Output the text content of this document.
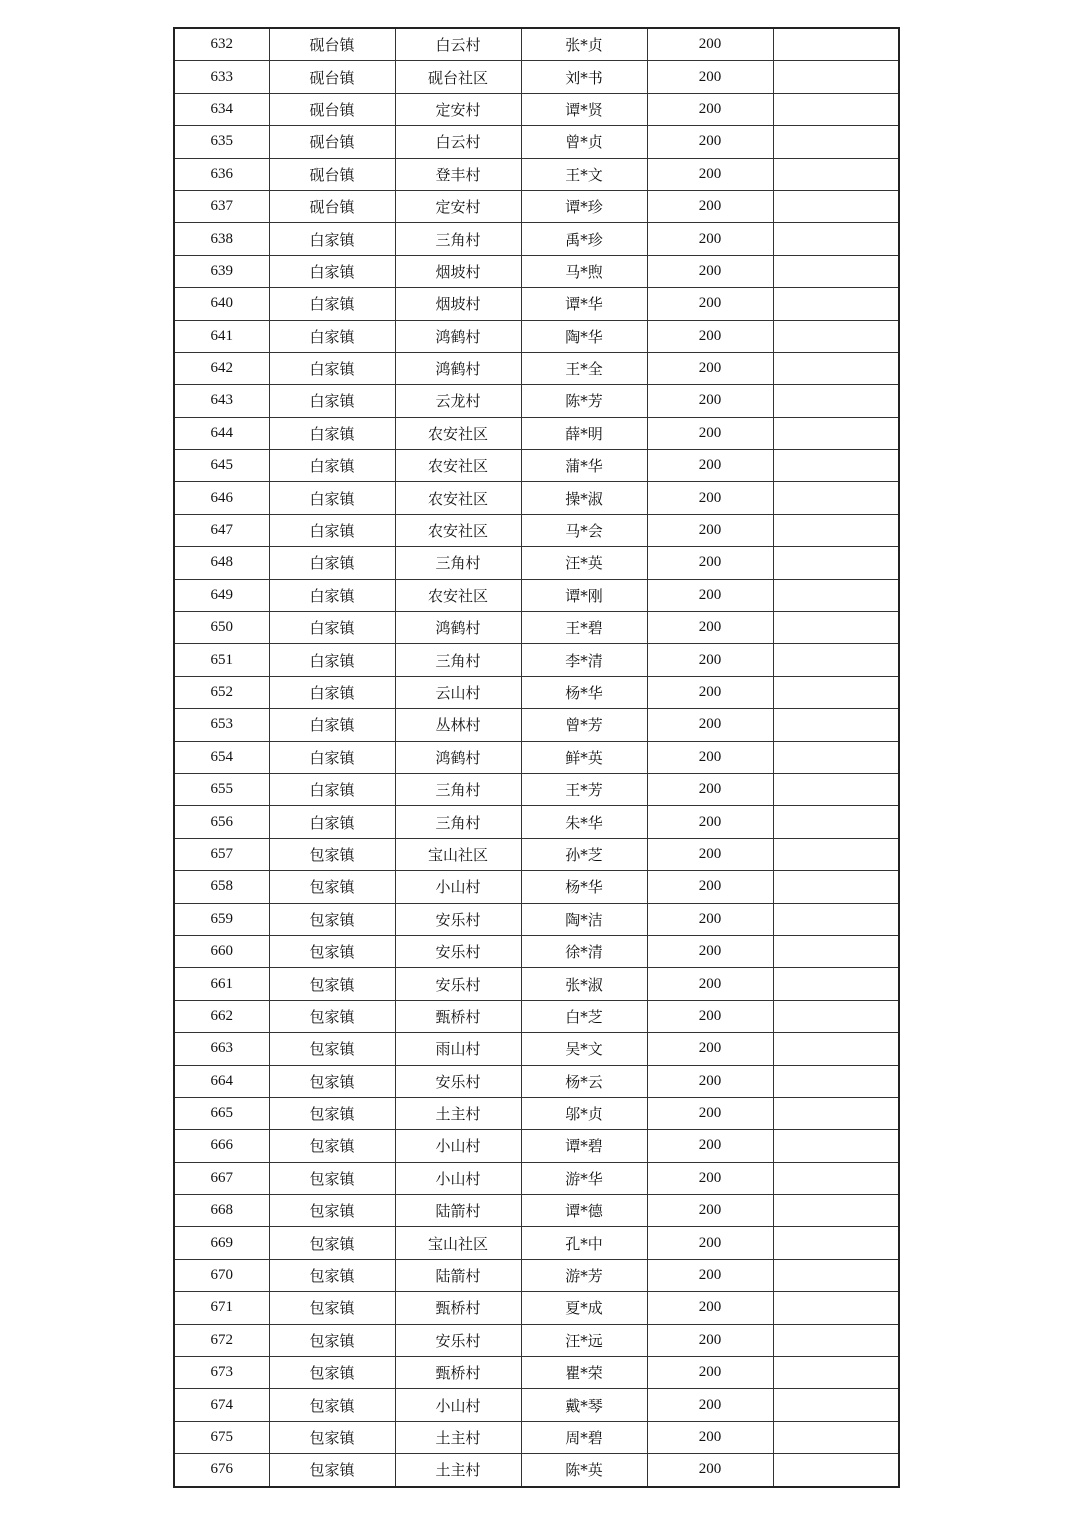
632	砚台镇	白云村	张*贞	200	
633	砚台镇	砚台社区	刘*书	200	
634	砚台镇	定安村	谭*贤	200	
635	砚台镇	白云村	曾*贞	200	
636	砚台镇	登丰村	王*文	200	
637	砚台镇	定安村	谭*珍	200	
638	白家镇	三角村	禹*珍	200	
639	白家镇	烟坡村	马*煦	200	
640	白家镇	烟坡村	谭*华	200	
641	白家镇	鸿鹤村	陶*华	200	
642	白家镇	鸿鹤村	王*全	200	
643	白家镇	云龙村	陈*芳	200	
644	白家镇	农安社区	薛*明	200	
645	白家镇	农安社区	蒲*华	200	
646	白家镇	农安社区	操*淑	200	
647	白家镇	农安社区	马*会	200	
648	白家镇	三角村	汪*英	200	
649	白家镇	农安社区	谭*刚	200	
650	白家镇	鸿鹤村	王*碧	200	
651	白家镇	三角村	李*清	200	
652	白家镇	云山村	杨*华	200	
653	白家镇	丛林村	曾*芳	200	
654	白家镇	鸿鹤村	鲜*英	200	
655	白家镇	三角村	王*芳	200	
656	白家镇	三角村	朱*华	200	
657	包家镇	宝山社区	孙*芝	200	
658	包家镇	小山村	杨*华	200	
659	包家镇	安乐村	陶*洁	200	
660	包家镇	安乐村	徐*清	200	
661	包家镇	安乐村	张*淑	200	
662	包家镇	甄桥村	白*芝	200	
663	包家镇	雨山村	吴*文	200	
664	包家镇	安乐村	杨*云	200	
665	包家镇	土主村	邬*贞	200	
666	包家镇	小山村	谭*碧	200	
667	包家镇	小山村	游*华	200	
668	包家镇	陆箭村	谭*德	200	
669	包家镇	宝山社区	孔*中	200	
670	包家镇	陆箭村	游*芳	200	
671	包家镇	甄桥村	夏*成	200	
672	包家镇	安乐村	汪*远	200	
673	包家镇	甄桥村	瞿*荣	200	
674	包家镇	小山村	戴*琴	200	
675	包家镇	土主村	周*碧	200	
676	包家镇	土主村	陈*英	200	
